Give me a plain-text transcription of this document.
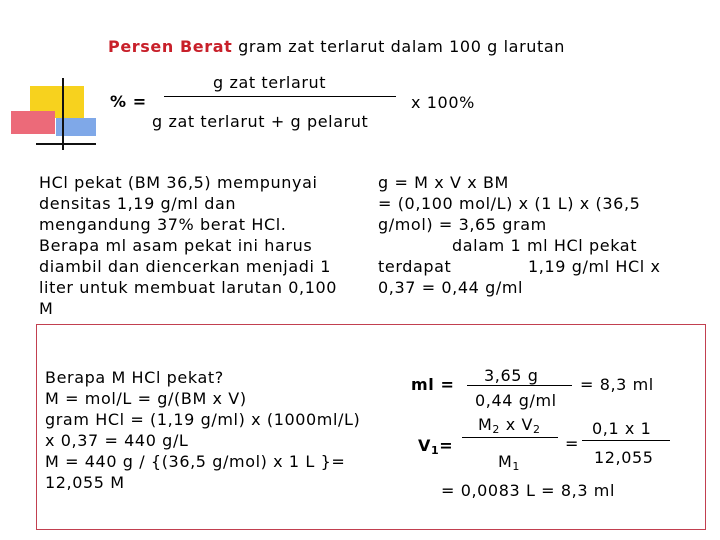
Persen Berat gram zat terlarut dalam 100 g larutan
% =
g zat terlarut
g zat terlarut + g pelarut
x 100%
HCl pekat (BM 36,5) mempunyai
densitas 1,19 g/ml dan
mengandung 37% berat HCl.
Berapa ml asam pekat ini harus
diambil dan diencerkan menjadi 1
liter untuk membuat larutan 0,100
M
g = M x V x BM
= (0,100 mol/L) x (1 L) x (36,5
g/mol) = 3,65 gram
dalam 1 ml HCl pekat
terdapat	1,19 g/ml HCl x
0,37 = 0,44 g/ml
Berapa M HCl pekat?
M = mol/L = g/(BM x V)
gram HCl = (1,19 g/ml) x (1000ml/L)
x 0,37 = 440 g/L
M = 440 g / {(36,5 g/mol) x 1 L }=
12,055 M
ml = 3,65 g
0,44 g/ml
= 8,3 ml
$V_1=$
$M_2$ x $V_2$
$M_1$
=
0,1 x 1
12,055
= 0,0083 L = 8,3 ml
